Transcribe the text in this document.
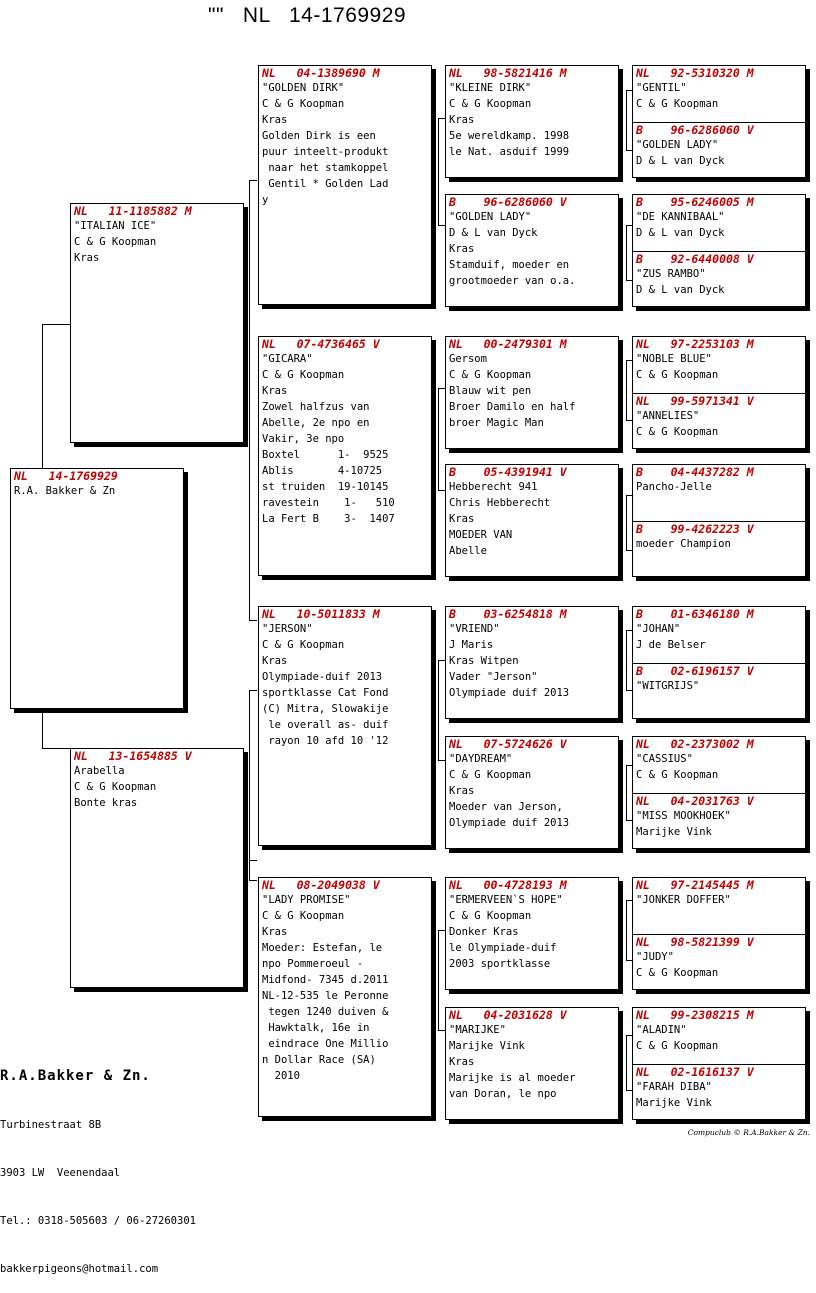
""   NL   14-1769929
NL   14-1769929
R.A. Bakker & Zn
NL   11-1185882 M
"ITALIAN ICE"
C & G Koopman
Kras
NL   13-1654885 V
Arabella
C & G Koopman
Bonte kras
NL   04-1389690 M
"GOLDEN DIRK"
C & G Koopman
Kras
Golden Dirk is een
puur inteelt-produkt
naar het stamkoppel
Gentil * Golden Lad
y
NL   07-4736465 V
"GICARA"
C & G Koopman
Kras
Zowel halfzus van
Abelle, 2e npo en
Vakir, 3e npo
Boxtel      1-  9525
Ablis       4-10725
st truiden  19-10145
ravestein    1-   510
La Fert B    3-  1407
NL   10-5011833 M
"JERSON"
C & G Koopman
Kras
Olympiade-duif 2013
sportklasse Cat Fond
(C) Mitra, Slowakije
le overall as- duif
rayon 10 afd 10 '12
NL   08-2049038 V
"LADY PROMISE"
C & G Koopman
Kras
Moeder: Estefan, le
npo Pommeroeul -
Midfond- 7345 d.2011
NL-12-535 le Peronne
tegen 1240 duiven &
Hawktalk, 16e in
eindrace One Millio
n Dollar Race (SA)
2010
NL   98-5821416 M
"KLEINE DIRK"
C & G Koopman
Kras
5e wereldkamp. 1998
le Nat. asduif 1999
B    96-6286060 V
"GOLDEN LADY"
D & L van Dyck
Kras
Stamduif, moeder en
grootmoeder van o.a.
NL   00-2479301 M
Gersom
C & G Koopman
Blauw wit pen
Broer Damilo en half
broer Magic Man
B    05-4391941 V
Hebberecht 941
Chris Hebberecht
Kras
MOEDER VAN
Abelle
B    03-6254818 M
"VRIEND"
J Maris
Kras Witpen
Vader "Jerson"
Olympiade duif 2013
NL   07-5724626 V
"DAYDREAM"
C & G Koopman
Kras
Moeder van Jerson,
Olympiade duif 2013
NL   00-4728193 M
"ERMERVEEN`S HOPE"
C & G Koopman
Donker Kras
le Olympiade-duif
2003 sportklasse
NL   04-2031628 V
"MARIJKE"
Marijke Vink
Kras
Marijke is al moeder
van Doran, le npo
NL   92-5310320 M
"GENTIL"
C & G Koopman
B    96-6286060 V
"GOLDEN LADY"
D & L van Dyck
B    95-6246005 M
"DE KANNIBAAL"
D & L van Dyck
B    92-6440008 V
"ZUS RAMBO"
D & L van Dyck
NL   97-2253103 M
"NOBLE BLUE"
C & G Koopman
NL   99-5971341 V
"ANNELIES"
C & G Koopman
B    04-4437282 M
Pancho-Jelle
B    99-4262223 V
moeder Champion
B    01-6346180 M
"JOHAN"
J de Belser
B    02-6196157 V
"WITGRIJS"
NL   02-2373002 M
"CASSIUS"
C & G Koopman
NL   04-2031763 V
"MISS MOOKHOEK"
Marijke Vink
NL   97-2145445 M
"JONKER DOFFER"
NL   98-5821399 V
"JUDY"
C & G Koopman
NL   99-2308215 M
"ALADIN"
C & G Koopman
NL   02-1616137 V
"FARAH DIBA"
Marijke Vink

R.A.Bakker & Zn.

Turbinestraat 8B

3903 LW  Veenendaal

Tel.: 0318-505603 / 06-27260301

bakkerpigeons@hotmail.com

Compuclub © R.A.Bakker & Zn.
